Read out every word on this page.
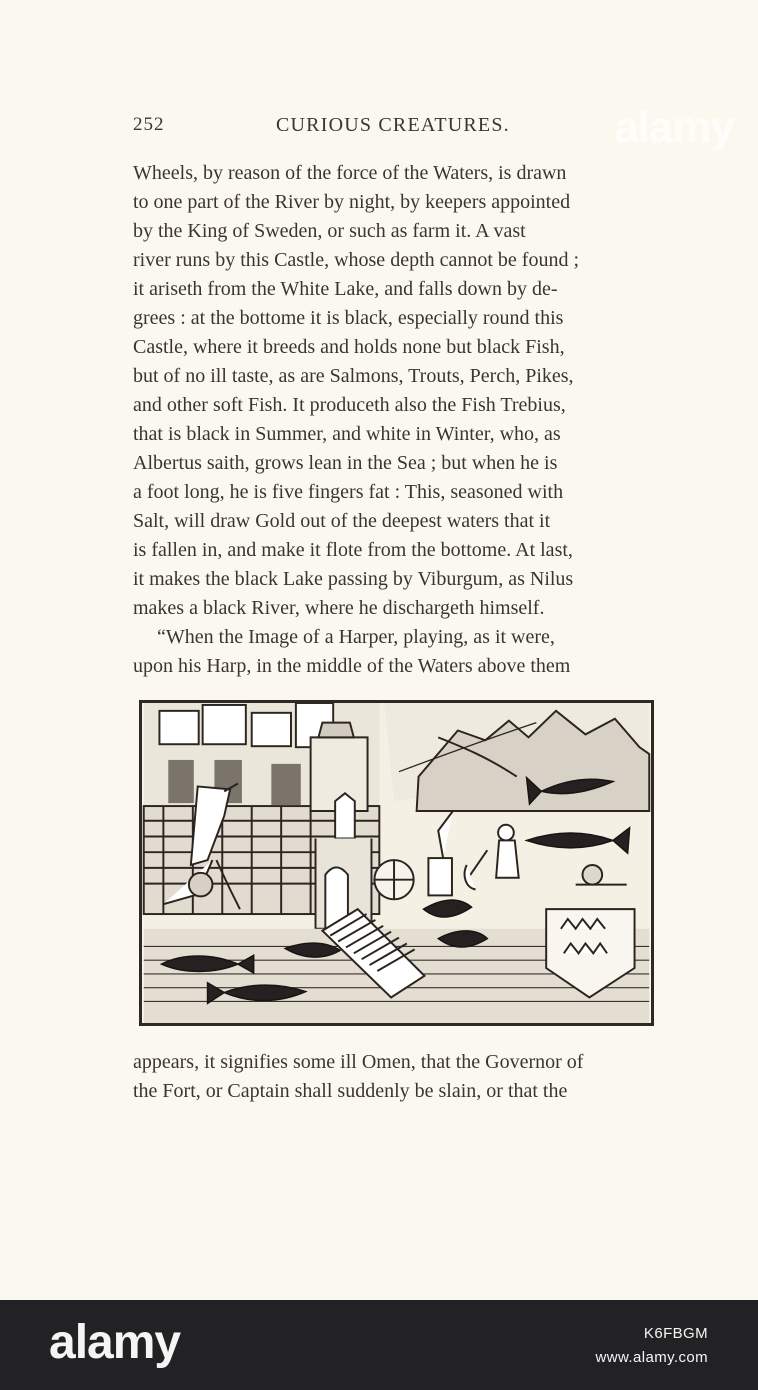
alamy
252	CURIOUS CREATURES.
Wheels, by reason of the force of the Waters, is drawn
to one part of the River by night, by keepers appointed
by the King of Sweden, or such as farm it. A vast
river runs by this Castle, whose depth cannot be found ;
it ariseth from the White Lake, and falls down by de-
grees : at the bottome it is black, especially round this
Castle, where it breeds and holds none but black Fish,
but of no ill taste, as are Salmons, Trouts, Perch, Pikes,
and other soft Fish. It produceth also the Fish Trebius,
that is black in Summer, and white in Winter, who, as
Albertus saith, grows lean in the Sea ; but when he is
a foot long, he is five fingers fat : This, seasoned with
Salt, will draw Gold out of the deepest waters that it
is fallen in, and make it flote from the bottome. At last,
it makes the black Lake passing by Viburgum, as Nilus
makes a black River, where he dischargeth himself.
“When the Image of a Harper, playing, as it were,
upon his Harp, in the middle of the Waters above them
appears, it signifies some ill Omen, that the Governor of
the Fort, or Captain shall suddenly be slain, or that the
alamy	K6FBGM
www.alamy.com
